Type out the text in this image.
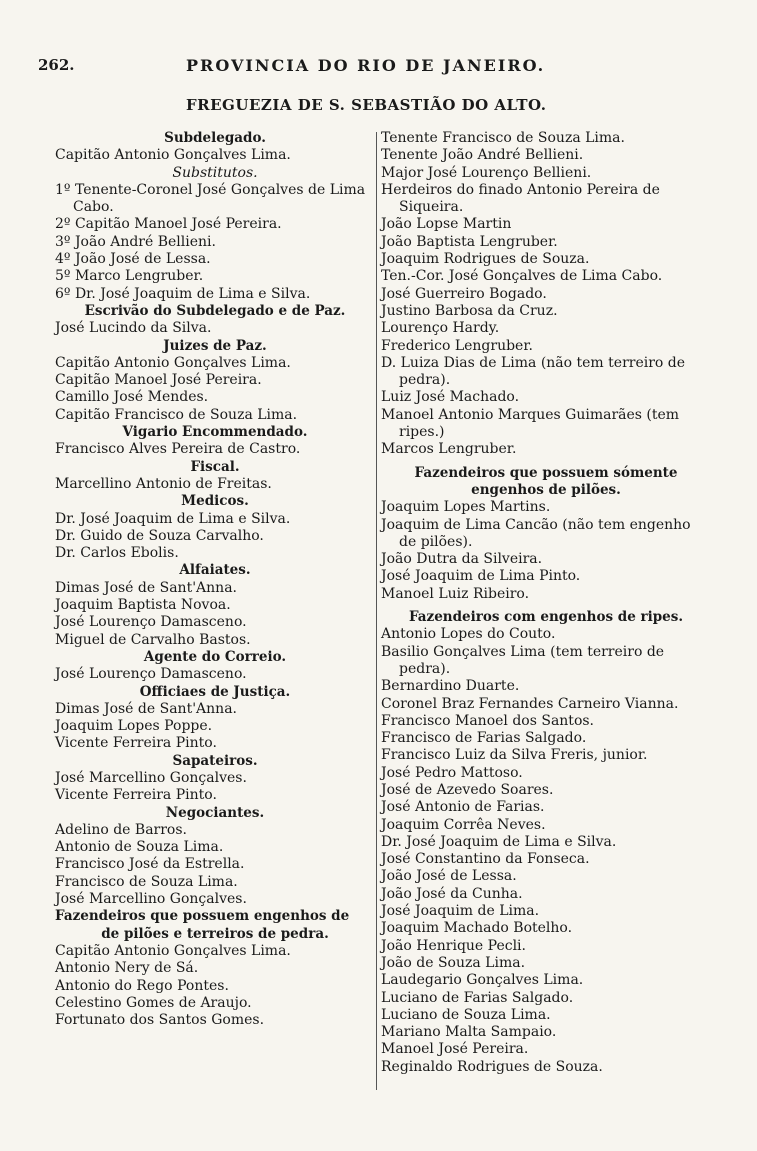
262.	PROVINCIA DO RIO DE JANEIRO.
FREGUEZIA DE S. SEBASTIÃO DO ALTO.
Subdelegado.
Capitão Antonio Gonçalves Lima.
Substitutos.
1º Tenente-Coronel José Gonçalves de Lima
Cabo.
2º Capitão Manoel José Pereira.
3º João André Bellieni.
4º João José de Lessa.
5º Marco Lengruber.
6º Dr. José Joaquim de Lima e Silva.
Escrivão do Subdelegado e de Paz.
José Lucindo da Silva.
Juizes de Paz.
Capitão Antonio Gonçalves Lima.
Capitão Manoel José Pereira.
Camillo José Mendes.
Capitão Francisco de Souza Lima.
Vigario Encommendado.
Francisco Alves Pereira de Castro.
Fiscal.
Marcellino Antonio de Freitas.
Medicos.
Dr. José Joaquim de Lima e Silva.
Dr. Guido de Souza Carvalho.
Dr. Carlos Ebolis.
Alfaiates.
Dimas José de Sant'Anna.
Joaquim Baptista Novoa.
José Lourenço Damasceno.
Miguel de Carvalho Bastos.
Agente do Correio.
José Lourenço Damasceno.
Officiaes de Justiça.
Dimas José de Sant'Anna.
Joaquim Lopes Poppe.
Vicente Ferreira Pinto.
Sapateiros.
José Marcellino Gonçalves.
Vicente Ferreira Pinto.
Negociantes.
Adelino de Barros.
Antonio de Souza Lima.
Francisco José da Estrella.
Francisco de Souza Lima.
José Marcellino Gonçalves.
Fazendeiros que possuem engenhos de
de pilões e terreiros de pedra.
Capitão Antonio Gonçalves Lima.
Antonio Nery de Sá.
Antonio do Rego Pontes.
Celestino Gomes de Araujo.
Fortunato dos Santos Gomes.
Tenente Francisco de Souza Lima.
Tenente João André Bellieni.
Major José Lourenço Bellieni.
Herdeiros do finado Antonio Pereira de
Siqueira.
João Lopse Martin
João Baptista Lengruber.
Joaquim Rodrigues de Souza.
Ten.-Cor. José Gonçalves de Lima Cabo.
José Guerreiro Bogado.
Justino Barbosa da Cruz.
Lourenço Hardy.
Frederico Lengruber.
D. Luiza Dias de Lima (não tem terreiro de
pedra).
Luiz José Machado.
Manoel Antonio Marques Guimarães (tem
ripes.)
Marcos Lengruber.
Fazendeiros que possuem sómente
engenhos de pilões.
Joaquim Lopes Martins.
Joaquim de Lima Cancão (não tem engenho
de pilões).
João Dutra da Silveira.
José Joaquim de Lima Pinto.
Manoel Luiz Ribeiro.
Fazendeiros com engenhos de ripes.
Antonio Lopes do Couto.
Basilio Gonçalves Lima (tem terreiro de
pedra).
Bernardino Duarte.
Coronel Braz Fernandes Carneiro Vianna.
Francisco Manoel dos Santos.
Francisco de Farias Salgado.
Francisco Luiz da Silva Freris, junior.
José Pedro Mattoso.
José de Azevedo Soares.
José Antonio de Farias.
Joaquim Corrêa Neves.
Dr. José Joaquim de Lima e Silva.
José Constantino da Fonseca.
João José de Lessa.
João José da Cunha.
José Joaquim de Lima.
Joaquim Machado Botelho.
João Henrique Pecli.
João de Souza Lima.
Laudegario Gonçalves Lima.
Luciano de Farias Salgado.
Luciano de Souza Lima.
Mariano Malta Sampaio.
Manoel José Pereira.
Reginaldo Rodrigues de Souza.
